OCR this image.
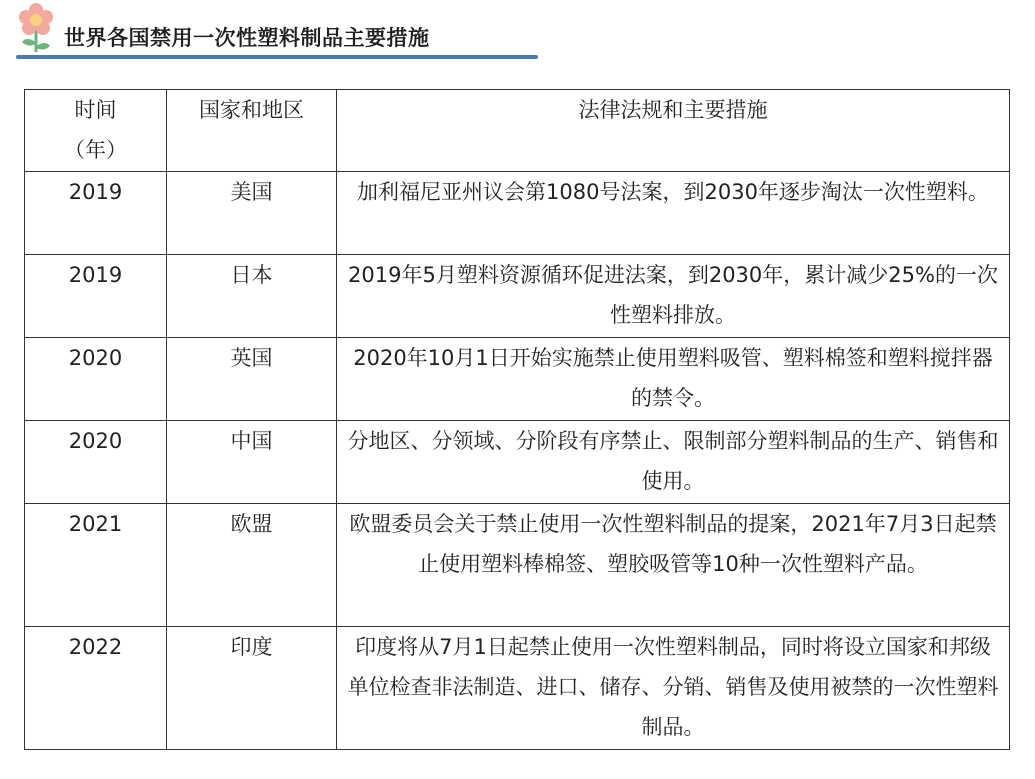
世界各国禁用一次性塑料制品主要措施
时间
（年）	国家和地区	法律法规和主要措施
2019	美国	加利福尼亚州议会第1080号法案，到2030年逐步淘汰一次性塑料。

2019	日本	2019年5月塑料资源循环促进法案，到2030年，累计减少25%的一次性塑料排放。

2020	英国	2020年10月1日开始实施禁止使用塑料吸管、塑料棉签和塑料搅拌器的禁令。

2020	中国	分地区、分领域、分阶段有序禁止、限制部分塑料制品的生产、销售和使用。

2021	欧盟	欧盟委员会关于禁止使用一次性塑料制品的提案，2021年7月3日起禁止使用塑料棒棉签、塑胶吸管等10种一次性塑料产品。

2022	印度	印度将从7月1日起禁止使用一次性塑料制品，同时将设立国家和邦级单位检查非法制造、进口、储存、分销、销售及使用被禁的一次性塑料制品。
